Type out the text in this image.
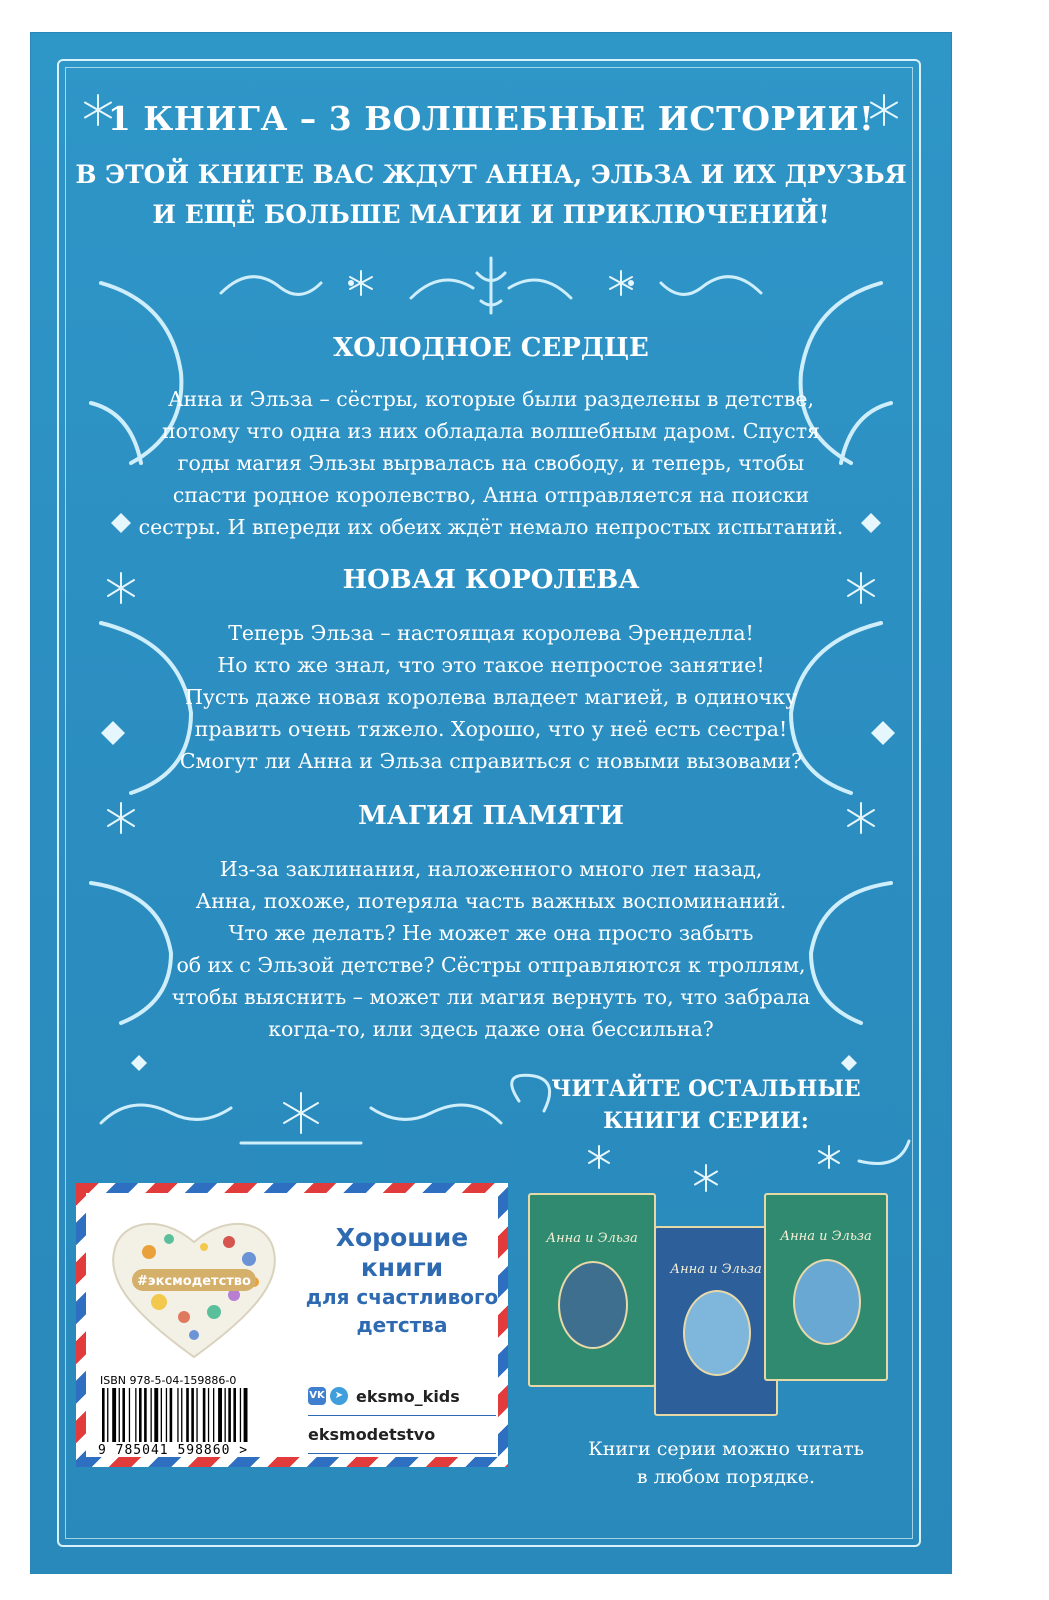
1 КНИГА – 3 ВОЛШЕБНЫЕ ИСТОРИИ!
В ЭТОЙ КНИГЕ ВАС ЖДУТ АННА, ЭЛЬЗА И ИХ ДРУЗЬЯ
И ЕЩЁ БОЛЬШЕ МАГИИ И ПРИКЛЮЧЕНИЙ!
ХОЛОДНОЕ СЕРДЦЕ
Анна и Эльза – сёстры, которые были разделены в детстве,
потому что одна из них обладала волшебным даром. Спустя
годы магия Эльзы вырвалась на свободу, и теперь, чтобы
спасти родное королевство, Анна отправляется на поиски
сестры. И впереди их обеих ждёт немало непростых испытаний.
НОВАЯ КОРОЛЕВА
Теперь Эльза – настоящая королева Эренделла!
Но кто же знал, что это такое непростое занятие!
Пусть даже новая королева владеет магией, в одиночку
править очень тяжело. Хорошо, что у неё есть сестра!
Смогут ли Анна и Эльза справиться с новыми вызовами?
МАГИЯ ПАМЯТИ
Из-за заклинания, наложенного много лет назад,
Анна, похоже, потеряла часть важных воспоминаний.
Что же делать? Не может же она просто забыть
об их с Эльзой детстве? Сёстры отправляются к троллям,
чтобы выяснить – может ли магия вернуть то, что забрала
когда-то, или здесь даже она бессильна?
ЧИТАЙТЕ ОСТАЛЬНЫЕ
КНИГИ СЕРИИ:
#эксмодетство
Хорошие
книги
для счастливого
детства
ISBN 978-5-04-159886-0
9 785041 598860 >
VK	➤ eksmo_kids
eksmodetstvo
Анна и Эльза
Анна и Эльза
Анна и Эльза
Книги серии можно читать
в любом порядке.
